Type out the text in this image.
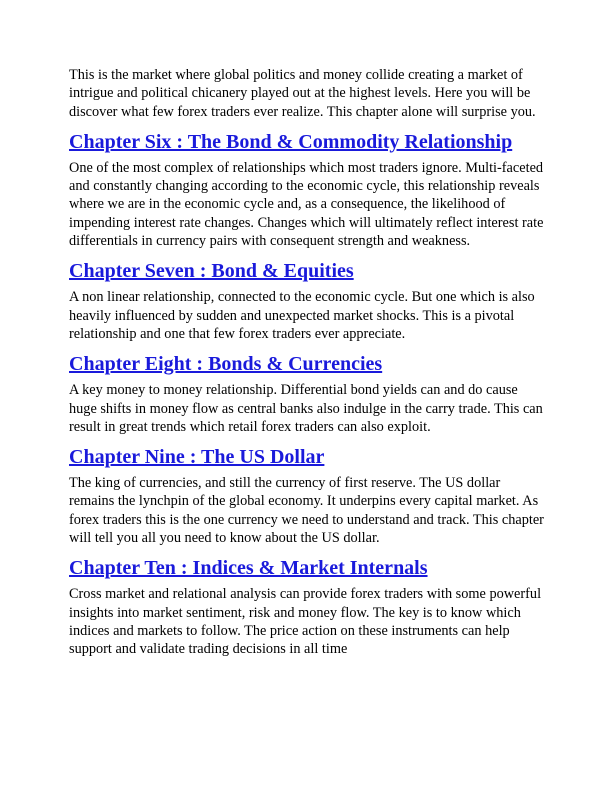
This is the market where global politics and money collide creating a market of intrigue and political chicanery played out at the highest levels. Here you will be discover what few forex traders ever realize. This chapter alone will surprise you.

Chapter Six : The Bond & Commodity Relationship

One of the most complex of relationships which most traders ignore. Multi-faceted and constantly changing according to the economic cycle, this relationship reveals where we are in the economic cycle and, as a consequence, the likelihood of impending interest rate changes. Changes which will ultimately reflect interest rate differentials in currency pairs with consequent strength and weakness.

Chapter Seven : Bond & Equities

A non linear relationship, connected to the economic cycle. But one which is also heavily influenced by sudden and unexpected market shocks. This is a pivotal relationship and one that few forex traders ever appreciate.

Chapter Eight : Bonds & Currencies

A key money to money relationship. Differential bond yields can and do cause huge shifts in money flow as central banks also indulge in the carry trade. This can result in great trends which retail forex traders can also exploit.

Chapter Nine : The US Dollar

The king of currencies, and still the currency of first reserve. The US dollar remains the lynchpin of the global economy. It underpins every capital market. As forex traders this is the one currency we need to understand and track. This chapter will tell you all you need to know about the US dollar.

Chapter Ten : Indices & Market Internals

Cross market and relational analysis can provide forex traders with some powerful insights into market sentiment, risk and money flow. The key is to know which indices and markets to follow. The price action on these instruments can help support and validate trading decisions in all time
